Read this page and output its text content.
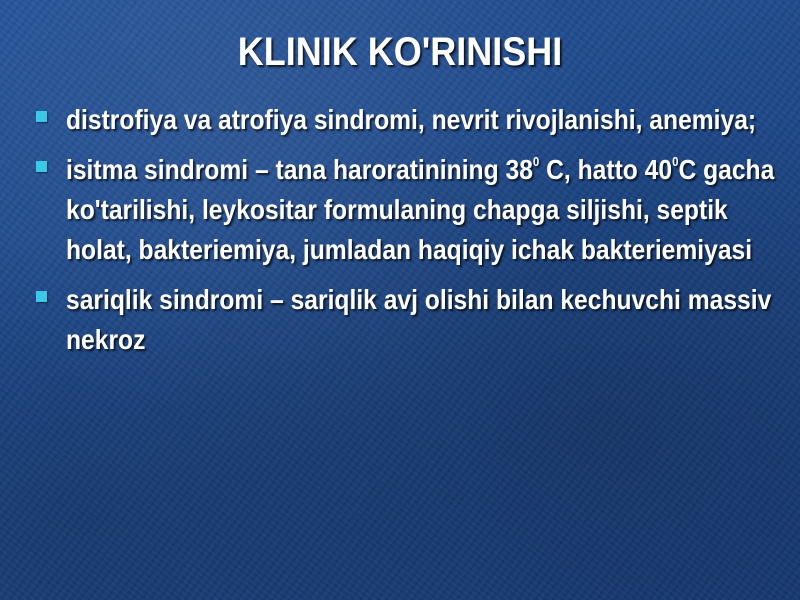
KLINIK KO'RINISHI
distrofiya va atrofiya sindromi, nevrit rivojlanishi, anemiya;
isitma sindromi – tana haroratinining $38^0$ C, hatto $40^0C$ gacha ko'tarilishi, leykositar formulaning chapga siljishi, septik holat, bakteriemiya, jumladan haqiqiy ichak bakteriemiyasi
sariqlik sindromi – sariqlik avj olishi bilan kechuvchi massiv nekroz
